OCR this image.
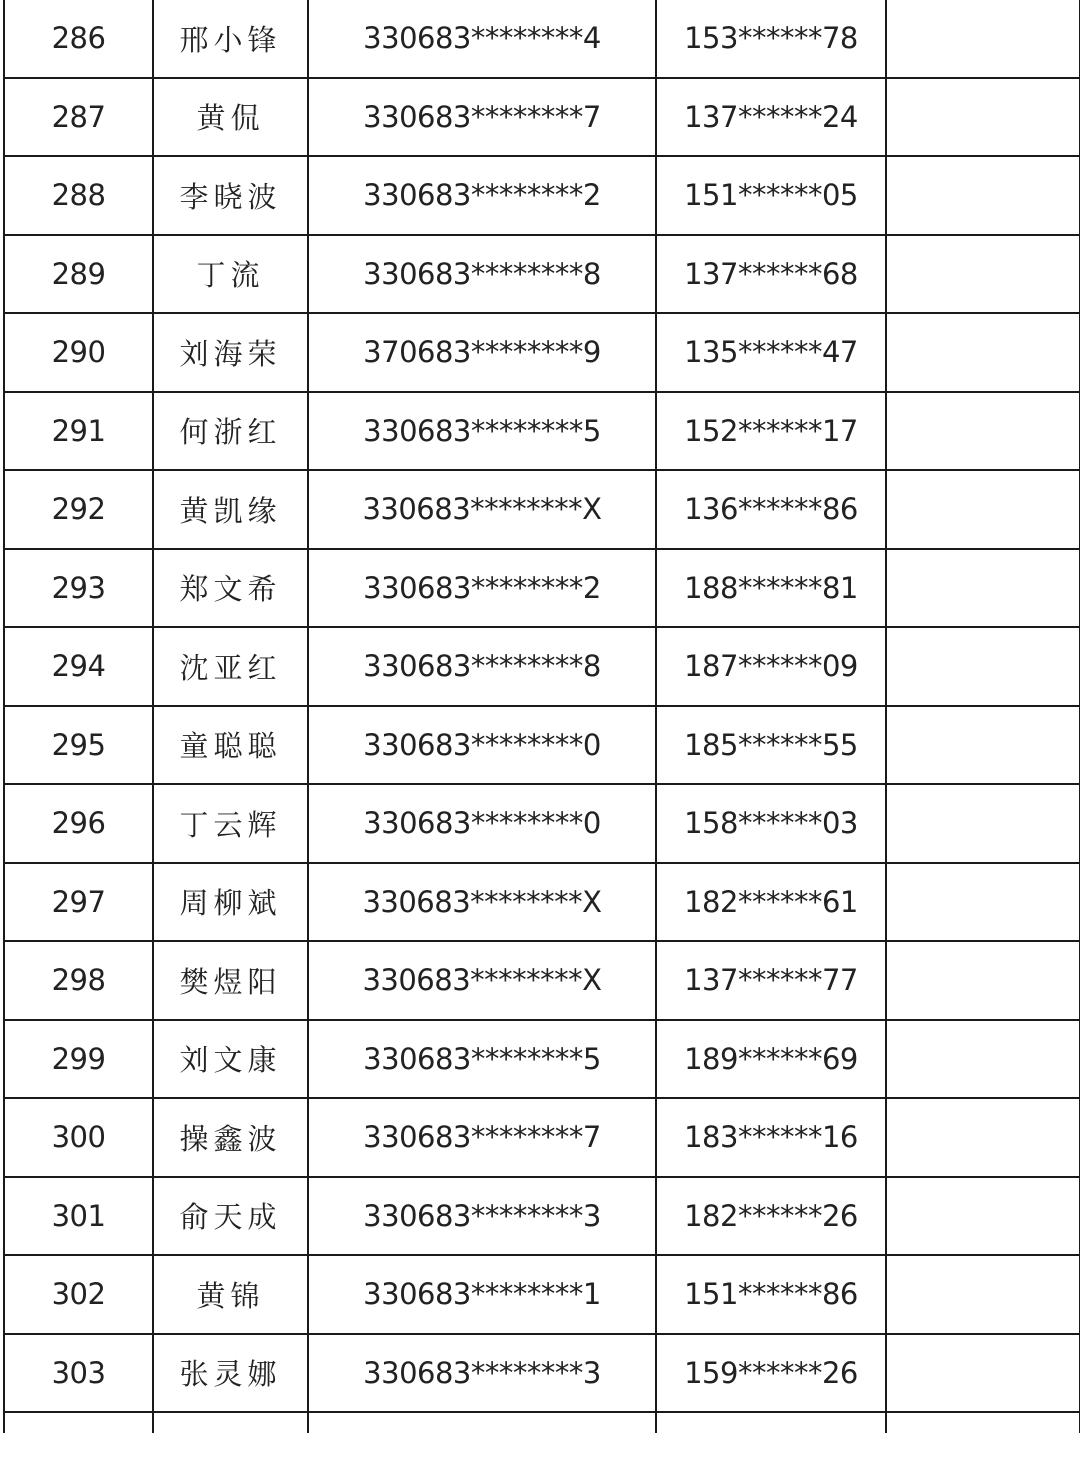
286	邢小锋	330683********4	153******78	
287	黄侃	330683********7	137******24	
288	李晓波	330683********2	151******05	
289	丁流	330683********8	137******68	
290	刘海荣	370683********9	135******47	
291	何浙红	330683********5	152******17	
292	黄凯缘	330683********X	136******86	
293	郑文希	330683********2	188******81	
294	沈亚红	330683********8	187******09	
295	童聪聪	330683********0	185******55	
296	丁云辉	330683********0	158******03	
297	周柳斌	330683********X	182******61	
298	樊煜阳	330683********X	137******77	
299	刘文康	330683********5	189******69	
300	操鑫波	330683********7	183******16	
301	俞天成	330683********3	182******26	
302	黄锦	330683********1	151******86	
303	张灵娜	330683********3	159******26	
